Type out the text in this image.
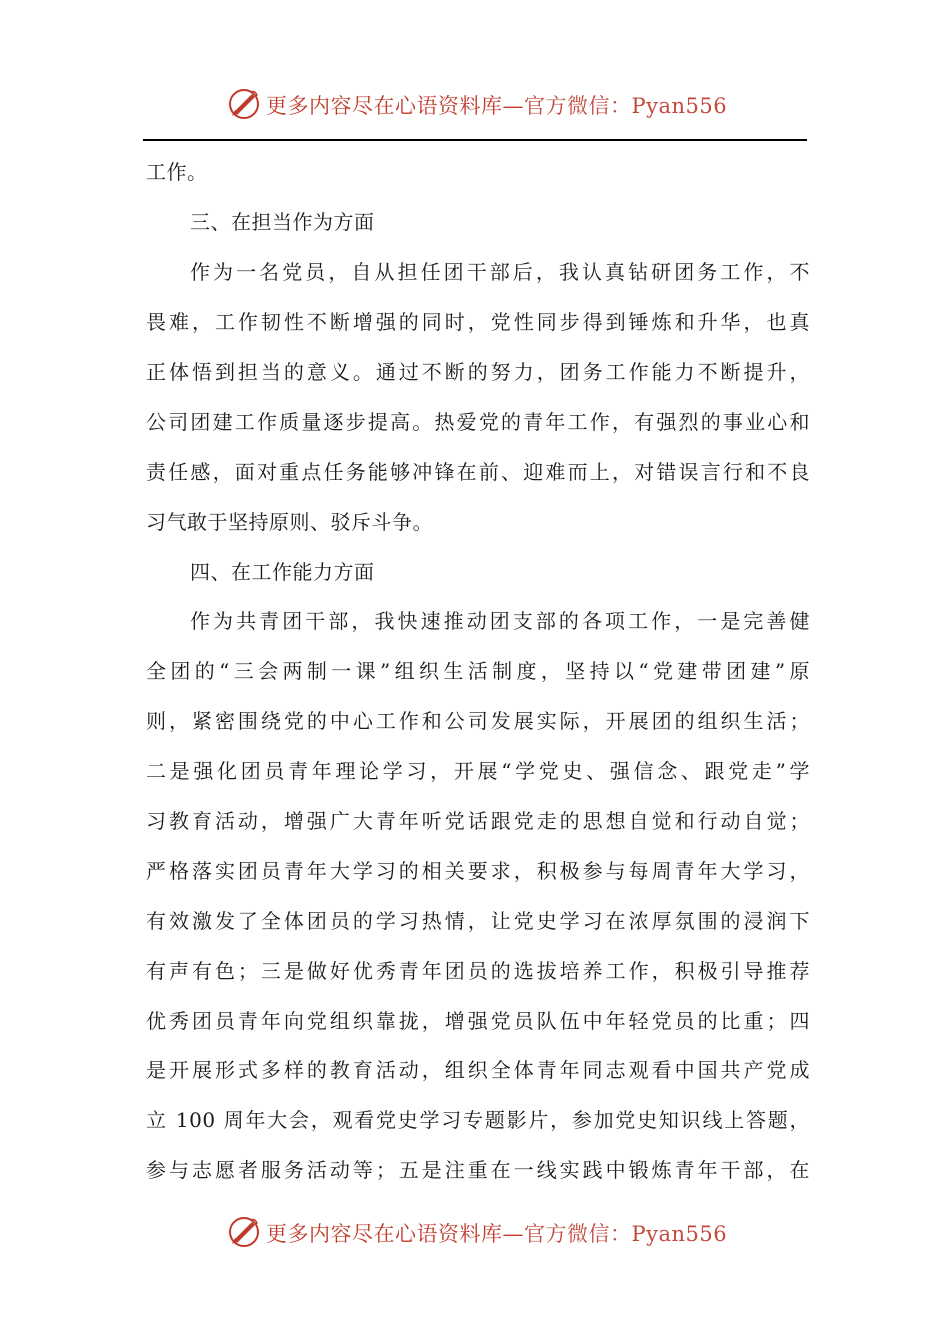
更多内容尽在心语资料库—官方微信：Pyan556
工作。
三、在担当作为方面
作为一名党员，自从担任团干部后，我认真钻研团务工作，不
畏难，工作韧性不断增强的同时，党性同步得到锤炼和升华，也真
正体悟到担当的意义。通过不断的努力，团务工作能力不断提升，
公司团建工作质量逐步提高。热爱党的青年工作，有强烈的事业心和
责任感，面对重点任务能够冲锋在前、迎难而上，对错误言行和不良
习气敢于坚持原则、驳斥斗争。
四、在工作能力方面
作为共青团干部，我快速推动团支部的各项工作，一是完善健
全团的“三会两制一课”组织生活制度，坚持以“党建带团建”原
则，紧密围绕党的中心工作和公司发展实际，开展团的组织生活；
二是强化团员青年理论学习，开展“学党史、强信念、跟党走”学
习教育活动，增强广大青年听党话跟党走的思想自觉和行动自觉；
严格落实团员青年大学习的相关要求，积极参与每周青年大学习，
有效激发了全体团员的学习热情，让党史学习在浓厚氛围的浸润下
有声有色；三是做好优秀青年团员的选拔培养工作，积极引导推荐
优秀团员青年向党组织靠拢，增强党员队伍中年轻党员的比重；四
是开展形式多样的教育活动，组织全体青年同志观看中国共产党成
立 100 周年大会，观看党史学习专题影片，参加党史知识线上答题，
参与志愿者服务活动等；五是注重在一线实践中锻炼青年干部，在
更多内容尽在心语资料库—官方微信：Pyan556
